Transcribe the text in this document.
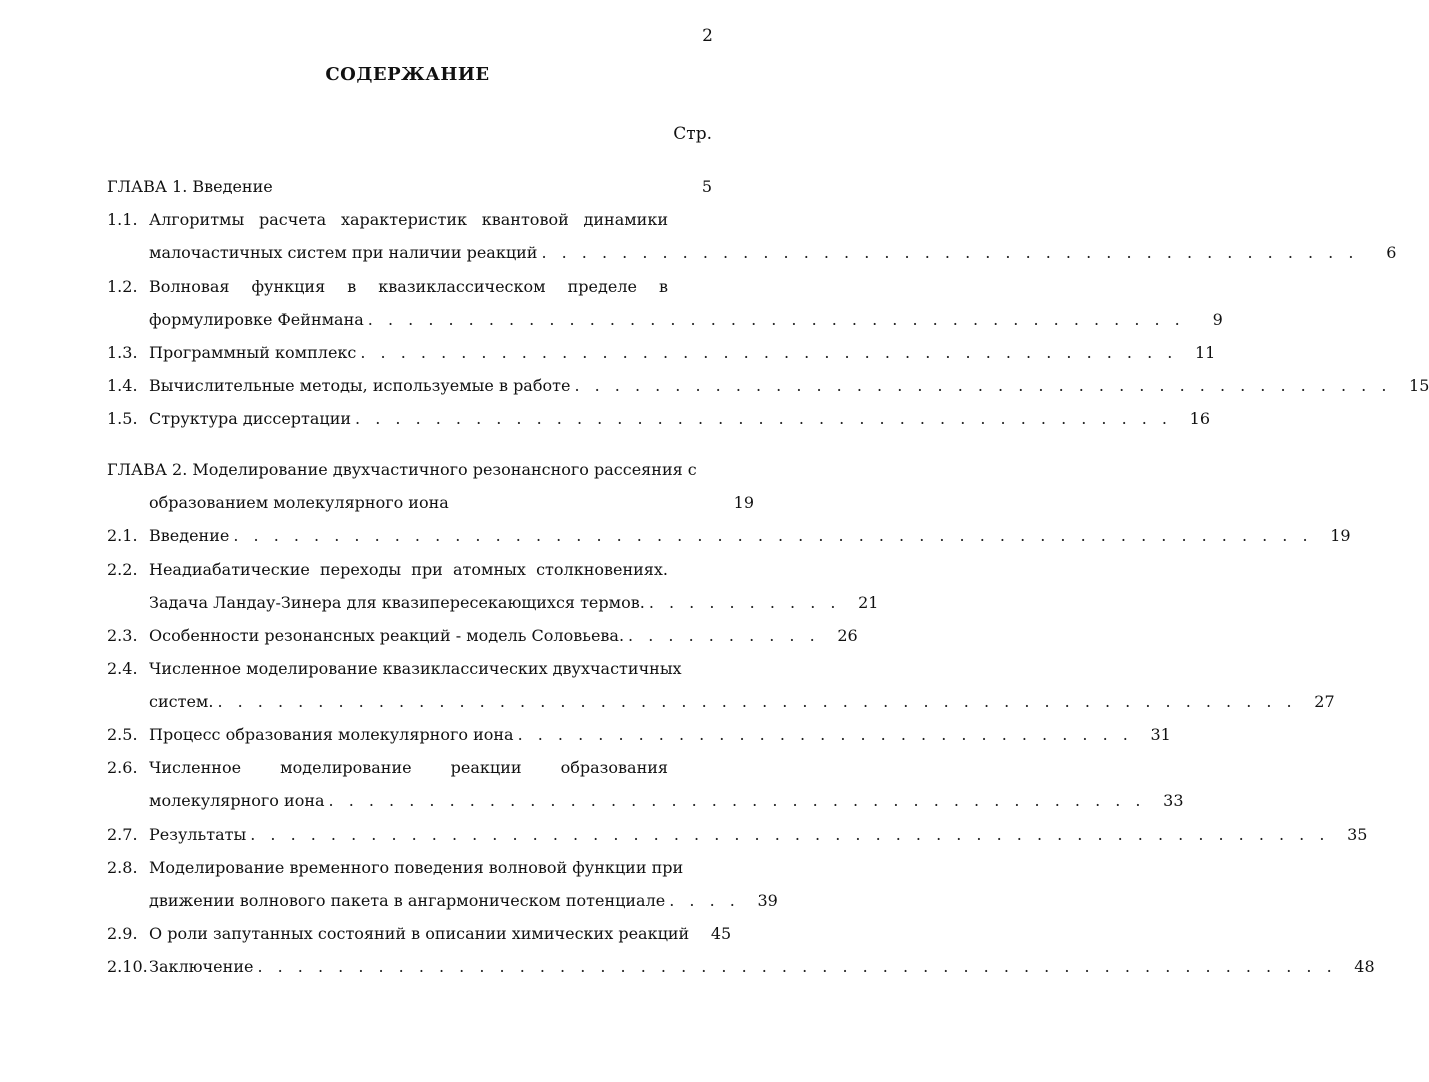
2
СОДЕРЖАНИЕ
Стр.
ГЛАВА 1. Введение	5
1.1. Алгоритмы расчета характеристик квантовой динамики
малочастичных систем при наличии реакций . . . . . . . . . . . . . . . . . . . . . . . . . . . . . . . . . . . . . . . . .	6
1.2. Волновая функция в квазиклассическом пределе в
формулировке Фейнмана . . . . . . . . . . . . . . . . . . . . . . . . . . . . . . . . . . . . . . . . .	9
1.3. Программный комплекс . . . . . . . . . . . . . . . . . . . . . . . . . . . . . . . . . . . . . . . . .	11
1.4. Вычислительные методы, используемые в работе . . . . . . . . . . . . . . . . . . . . . . . . . . . . . . . . . . . . . . . . .	15
1.5. Структура диссертации . . . . . . . . . . . . . . . . . . . . . . . . . . . . . . . . . . . . . . . . .	16
ГЛАВА 2. Моделирование двухчастичного резонансного рассеяния с
образованием молекулярного иона	19
2.1. Введение . . . . . . . . . . . . . . . . . . . . . . . . . . . . . . . . . . . . . . . . . . . . . . . . . . . . . .	19
2.2. Неадиабатические переходы при атомных столкновениях.
Задача Ландау-Зинера для квазипересекающихся термов. . . . . . . . . . .	21
2.3. Особенности резонансных реакций - модель Соловьева. . . . . . . . . . .	26
2.4. Численное моделирование квазиклассических двухчастичных
систем. . . . . . . . . . . . . . . . . . . . . . . . . . . . . . . . . . . . . . . . . . . . . . . . . . . . . . .	27
2.5. Процесс образования молекулярного иона . . . . . . . . . . . . . . . . . . . . . . . . . . . . . . .	31
2.6. Численное моделирование реакции образования
молекулярного иона . . . . . . . . . . . . . . . . . . . . . . . . . . . . . . . . . . . . . . . . .	33
2.7. Результаты . . . . . . . . . . . . . . . . . . . . . . . . . . . . . . . . . . . . . . . . . . . . . . . . . . . . . .	35
2.8. Моделирование временного поведения волновой функции при
движении волнового пакета в ангармоническом потенциале . . . .	39
2.9. О роли запутанных состояний в описании химических реакций	45
2.10. Заключение . . . . . . . . . . . . . . . . . . . . . . . . . . . . . . . . . . . . . . . . . . . . . . . . . . . . . .	48
